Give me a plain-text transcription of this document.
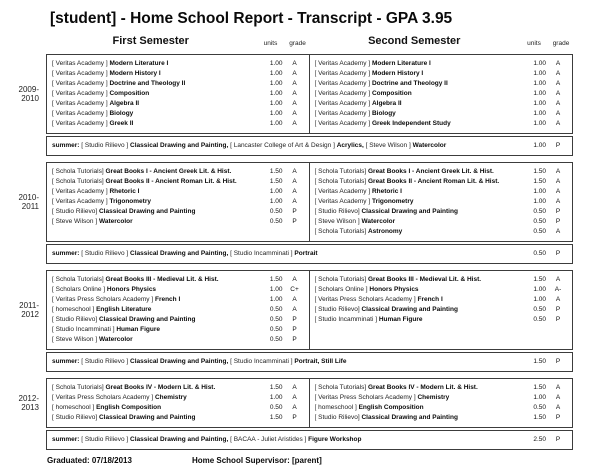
[student] - Home School Report - Transcript - GPA 3.95
First Semester	units	grade	Second Semester	units	grade
2009-
2010
[ Veritas Academy ] Modern Literature I	1.00	A
[ Veritas Academy ] Modern History I	1.00	A
[ Veritas Academy ] Doctrine and Theology II	1.00	A
[ Veritas Academy ] Composition	1.00	A
[ Veritas Academy ] Algebra II	1.00	A
[ Veritas Academy ] Biology	1.00	A
[ Veritas Academy ] Greek II	1.00	A
[ Veritas Academy ] Modern Literature I	1.00	A
[ Veritas Academy ] Modern History I	1.00	A
[ Veritas Academy ] Doctrine and Theology II	1.00	A
[ Veritas Academy ] Composition	1.00	A
[ Veritas Academy ] Algebra II	1.00	A
[ Veritas Academy ] Biology	1.00	A
[ Veritas Academy ] Greek Independent Study	1.00	A
summer: [ Studio Rilievo ] Classical Drawing and Painting, [ Lancaster College of Art & Design ] Acrylics, [ Steve Wilson ] Watercolor	1.00	P
2010-
2011
[ Schola Tutorials] Great Books I - Ancient Greek Lit. & Hist.	1.50	A
[ Schola Tutorials] Great Books II - Ancient Roman Lit. & Hist.	1.50	A
[ Veritas Academy ] Rhetoric I	1.00	A
[ Veritas Academy ] Trigonometry	1.00	A
[ Studio Rilievo] Classical Drawing and Painting	0.50	P
[ Steve Wilson ] Watercolor	0.50	P
[ Schola Tutorials] Great Books I - Ancient Greek Lit. & Hist.	1.50	A
[ Schola Tutorials] Great Books II - Ancient Roman Lit. & Hist.	1.50	A
[ Veritas Academy ] Rhetoric I	1.00	A
[ Veritas Academy ] Trigonometry	1.00	A
[ Studio Rilievo] Classical Drawing and Painting	0.50	P
[ Steve Wilson ] Watercolor	0.50	P
[ Schola Tutorials] Astronomy	0.50	A
summer: [ Studio Rilievo ] Classical Drawing and Painting, [ Studio Incamminati ] Portrait	0.50	P
2011-
2012
[ Schola Tutorials] Great Books III - Medieval Lit. & Hist.	1.50	A
[ Scholars Online ] Honors Physics	1.00	C+
[ Veritas Press Scholars Academy ] French I	1.00	A
[ homeschool ] English Literature	0.50	A
[ Studio Rilievo] Classical Drawing and Painting	0.50	P
[ Studio Incamminati ] Human Figure	0.50	P
[ Steve Wilson ] Watercolor	0.50	P
[ Schola Tutorials] Great Books III - Medieval Lit. & Hist.	1.50	A
[ Scholars Online ] Honors Physics	1.00	A-
[ Veritas Press Scholars Academy ] French I	1.00	A
[ Studio Rilievo] Classical Drawing and Painting	0.50	P
[ Studio Incamminati ] Human Figure	0.50	P
summer: [ Studio Rilievo ] Classical Drawing and Painting, [ Studio Incamminati ] Portrait, Still Life	1.50	P
2012-
2013
[ Schola Tutorials] Great Books IV - Modern Lit. & Hist.	1.50	A
[ Veritas Press Scholars Academy ] Chemistry	1.00	A
[ homeschool ] English Composition	0.50	A
[ Studio Rilievo] Classical Drawing and Painting	1.50	P
[ Schola Tutorials] Great Books IV - Modern Lit. & Hist.	1.50	A
[ Veritas Press Scholars Academy ] Chemistry	1.00	A
[ homeschool ] English Composition	0.50	A
[ Studio Rilievo] Classical Drawing and Painting	1.50	P
summer: [ Studio Rilievo ] Classical Drawing and Painting, [ BACAA - Juliet Aristides ] Figure Workshop	2.50	P
Graduated: 07/18/2013	Home School Supervisor: [parent]
